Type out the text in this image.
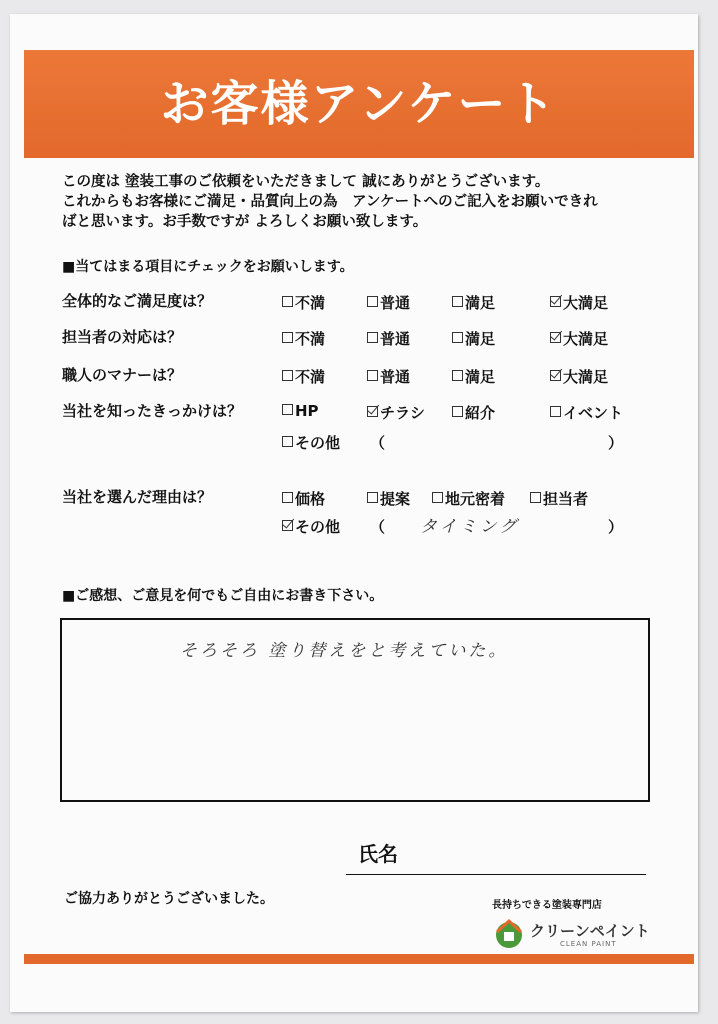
お客様アンケート
この度は 塗装工事のご依頼をいただきまして 誠にありがとうございます。
これからもお客様にご満足・品質向上の為　アンケートへのご記入をお願いできれ
ばと思います。お手数ですが よろしくお願い致します。
■当てはまる項目にチェックをお願いします。
全体的なご満足度は？	不満	普通	満足	大満足
担当者の対応は？	不満	普通	満足	大満足
職人のマナーは？	不満	普通	満足	大満足
当社を知ったきっかけは？	HP	チラシ	紹介	イベント
その他 （	）
当社を選んだ理由は？	価格	提案	地元密着	担当者
その他 （ タイミング	）
■ご感想、ご意見を何でもご自由にお書き下さい。
そろそろ 塗り替えをと考えていた。
氏名
ご協力ありがとうございました。	長持ちできる塗装専門店
クリーンペイント
CLEAN PAINT
